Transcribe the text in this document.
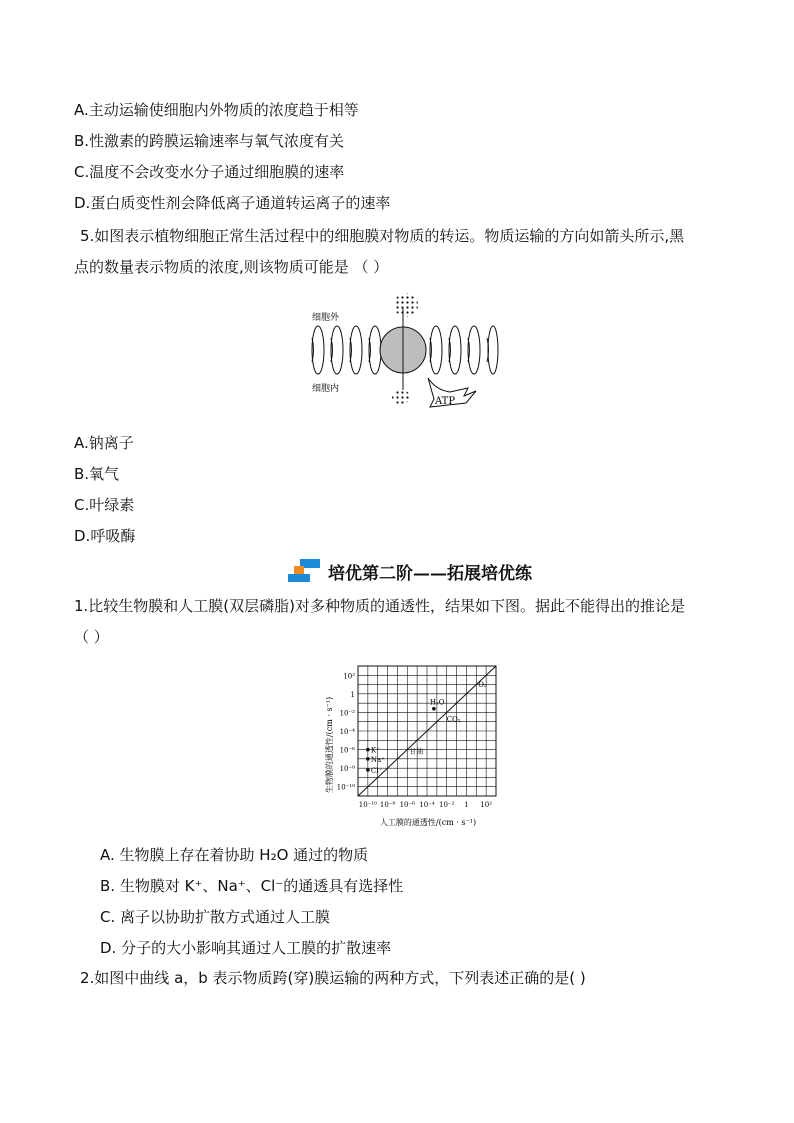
A.主动运输使细胞内外物质的浓度趋于相等
B.性激素的跨膜运输速率与氧气浓度有关
C.温度不会改变水分子通过细胞膜的速率
D.蛋白质变性剂会降低离子通道转运离子的速率
5.如图表示植物细胞正常生活过程中的细胞膜对物质的转运。物质运输的方向如箭头所示,黑
点的数量表示物质的浓度,则该物质可能是 （ ）
ATP
细胞外
细胞内
A.钠离子
B.氧气
C.叶绿素
D.呼吸酶
培优第二阶——拓展培优练
1.比较生物膜和人工膜(双层磷脂)对多种物质的通透性，结果如下图。据此不能得出的推论是
（ ）
10⁻¹⁰ 10⁻⁸ 10⁻⁶ 10⁻⁴ 10⁻² 1 10²
10²
1
10⁻²
10⁻⁴
10⁻⁶
10⁻⁸
10⁻¹⁰
K⁺
Na⁺
Cl⁻
H₂O
甘油
CO₂
O₂
人工膜的通透性/(cm · s⁻¹)
生物膜的通透性/(cm · s⁻¹)
A. 生物膜上存在着协助 H₂O 通过的物质
B. 生物膜对 K⁺、Na⁺、Cl⁻的通透具有选择性
C. 离子以协助扩散方式通过人工膜
D. 分子的大小影响其通过人工膜的扩散速率
2.如图中曲线 a，b 表示物质跨(穿)膜运输的两种方式，下列表述正确的是( )
